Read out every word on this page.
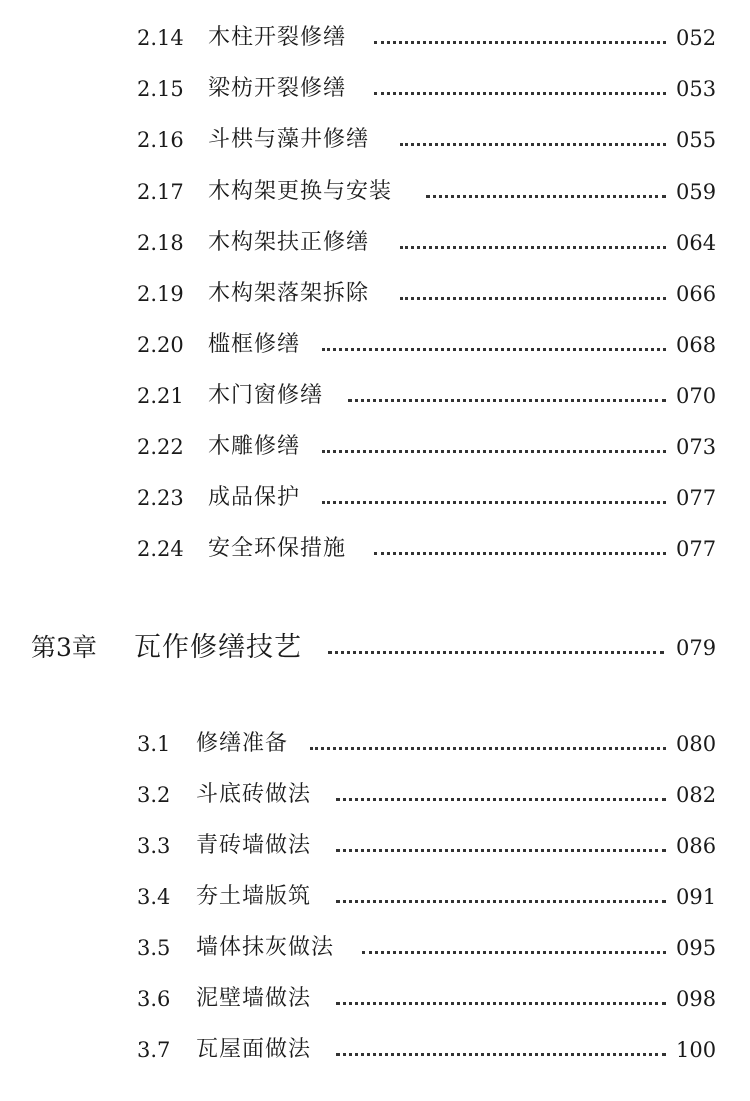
2.14 木柱开裂修缮	052
2.15 梁枋开裂修缮	053
2.16 斗栱与藻井修缮	055
2.17 木构架更换与安装	059
2.18 木构架扶正修缮	064
2.19 木构架落架拆除	066
2.20 槛框修缮	068
2.21 木门窗修缮	070
2.22 木雕修缮	073
2.23 成品保护	077
2.24 安全环保措施	077
第3章 瓦作修缮技艺	079
3.1 修缮准备	080
3.2 斗底砖做法	082
3.3 青砖墙做法	086
3.4 夯土墙版筑	091
3.5 墙体抹灰做法	095
3.6 泥壁墙做法	098
3.7 瓦屋面做法	100
